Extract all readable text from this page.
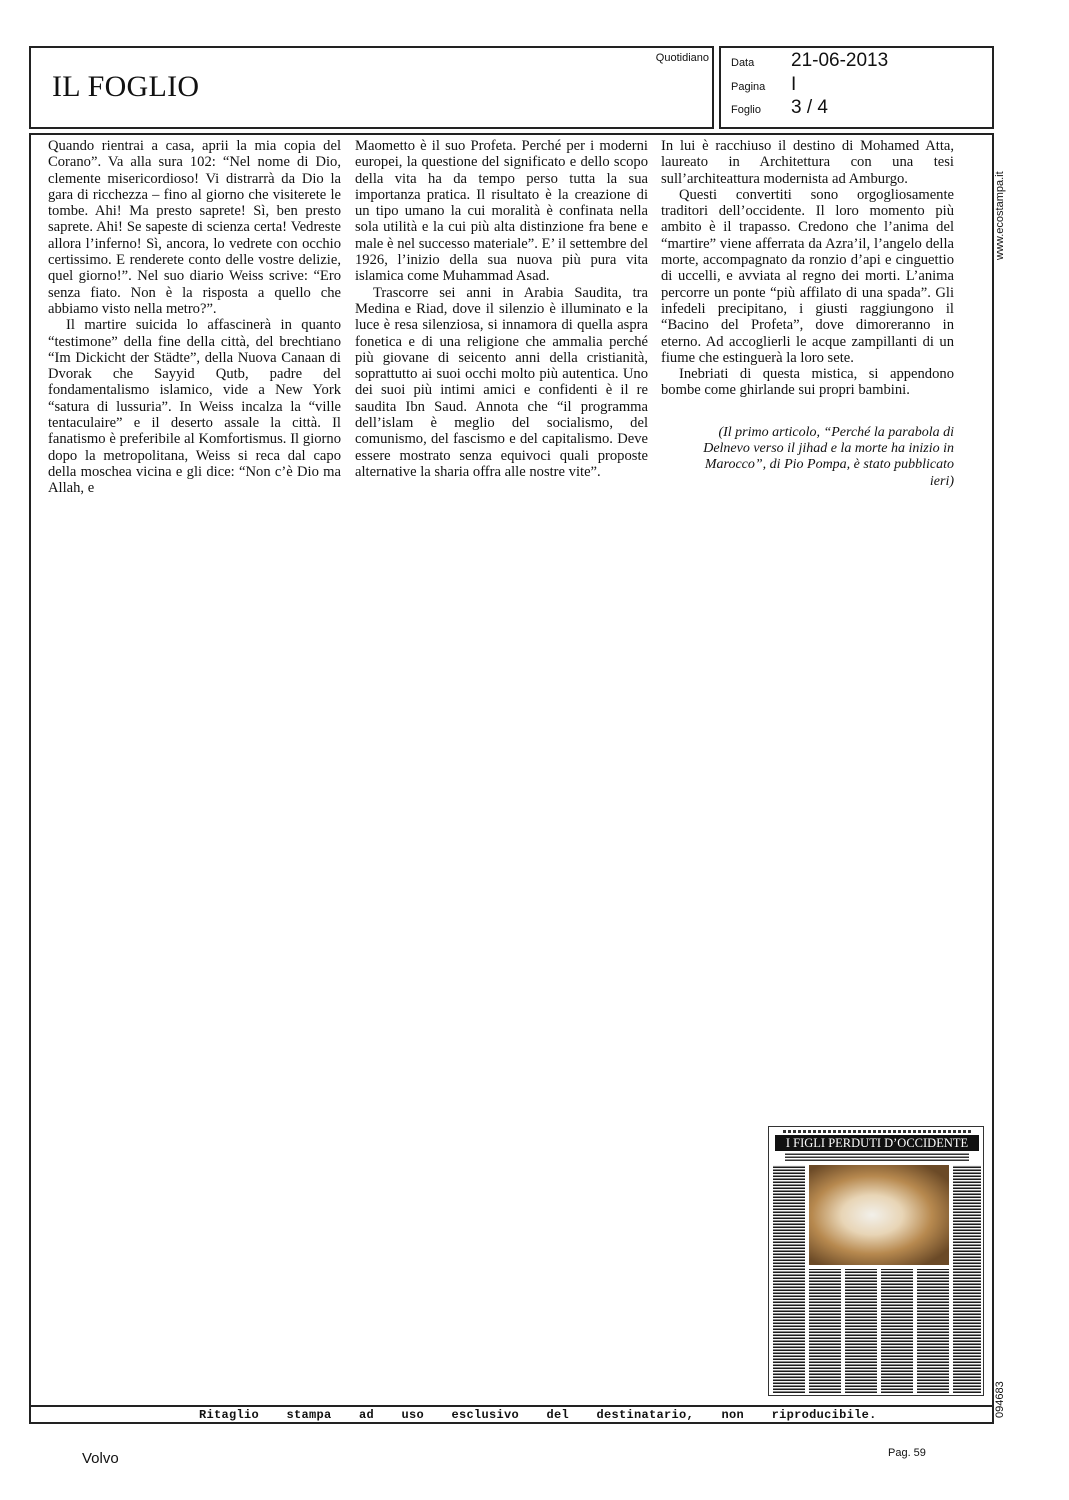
IL FOGLIO
Quotidiano Data 21-06-2013
Pagina I
Foglio 3 / 4

Quando rientrai a casa, aprii la mia copia del Corano”. Va alla sura 102: “Nel nome di Dio, clemente misericordioso! Vi distrarrà da Dio la gara di ricchezza – fino al giorno che visiterete le tombe. Ahi! Ma presto saprete! Sì, ben presto saprete. Ahi! Se sapeste di scienza certa! Vedreste allora l’inferno! Sì, ancora, lo vedrete con occhio certissimo. E renderete conto delle vostre delizie, quel giorno!”. Nel suo diario Weiss scrive: “Ero senza fiato. Non è la risposta a quello che abbiamo visto nella metro?”.

Il martire suicida lo affascinerà in quanto “testimone” della fine della città, del brechtiano “Im Dickicht der Städte”, della Nuova Canaan di Dvorak che Sayyid Qutb, padre del fondamentalismo islamico, vide a New York “satura di lussuria”. In Weiss incalza la “ville tentaculaire” e il deserto assale la città. Il fanatismo è preferibile al Komfortismus. Il giorno dopo la metropolitana, Weiss si reca dal capo della moschea vicina e gli dice: “Non c’è Dio ma Allah, e

Maometto è il suo Profeta. Perché per i moderni europei, la questione del significato e dello scopo della vita ha da tempo perso tutta la sua importanza pratica. Il risultato è la creazione di un tipo umano la cui moralità è confinata nella sola utilità e la cui più alta distinzione fra bene e male è nel successo materiale”. E’ il settembre del 1926, l’inizio della sua nuova più pura vita islamica come Muhammad Asad.

Trascorre sei anni in Arabia Saudita, tra Medina e Riad, dove il silenzio è illuminato e la luce è resa silenziosa, si innamora di quella aspra fonetica e di una religione che ammalia perché più giovane di seicento anni della cristianità, soprattutto ai suoi occhi molto più autentica. Uno dei suoi più intimi amici e confidenti è il re saudita Ibn Saud. Annota che “il programma dell’islam è meglio del socialismo, del comunismo, del fascismo e del capitalismo. Deve essere mostrato senza equivoci quali proposte alternative la sharia offra alle nostre vite”.

In lui è racchiuso il destino di Mohamed Atta, laureato in Architettura con una tesi sull’architeattura modernista ad Amburgo.

Questi convertiti sono orgogliosamente traditori dell’occidente. Il loro momento più ambito è il trapasso. Credono che l’anima del “martire” viene afferrata da Azra’il, l’angelo della morte, accompagnato da ronzio d’api e cinguettio di uccelli, e avviata al regno dei morti. L’anima percorre un ponte “più affilato di una spada”. Gli infedeli precipitano, i giusti raggiungono il “Bacino del Profeta”, dove dimoreranno in eterno. Ad accoglierli le acque zampillanti di un fiume che estinguerà la loro sete.

Inebriati di questa mistica, si appendono bombe come ghirlande sui propri bambini.

(Il primo articolo, “Perché la parabola di Delnevo verso il jihad e la morte ha inizio in Marocco”, di Pio Pompa, è stato pubblicato ieri)

www.ecostampa.it
094683
I FIGLI PERDUTI D’OCCIDENTE
Ritaglio stampa ad uso esclusivo del destinatario, non riproducibile.
Volvo	Pag. 59
